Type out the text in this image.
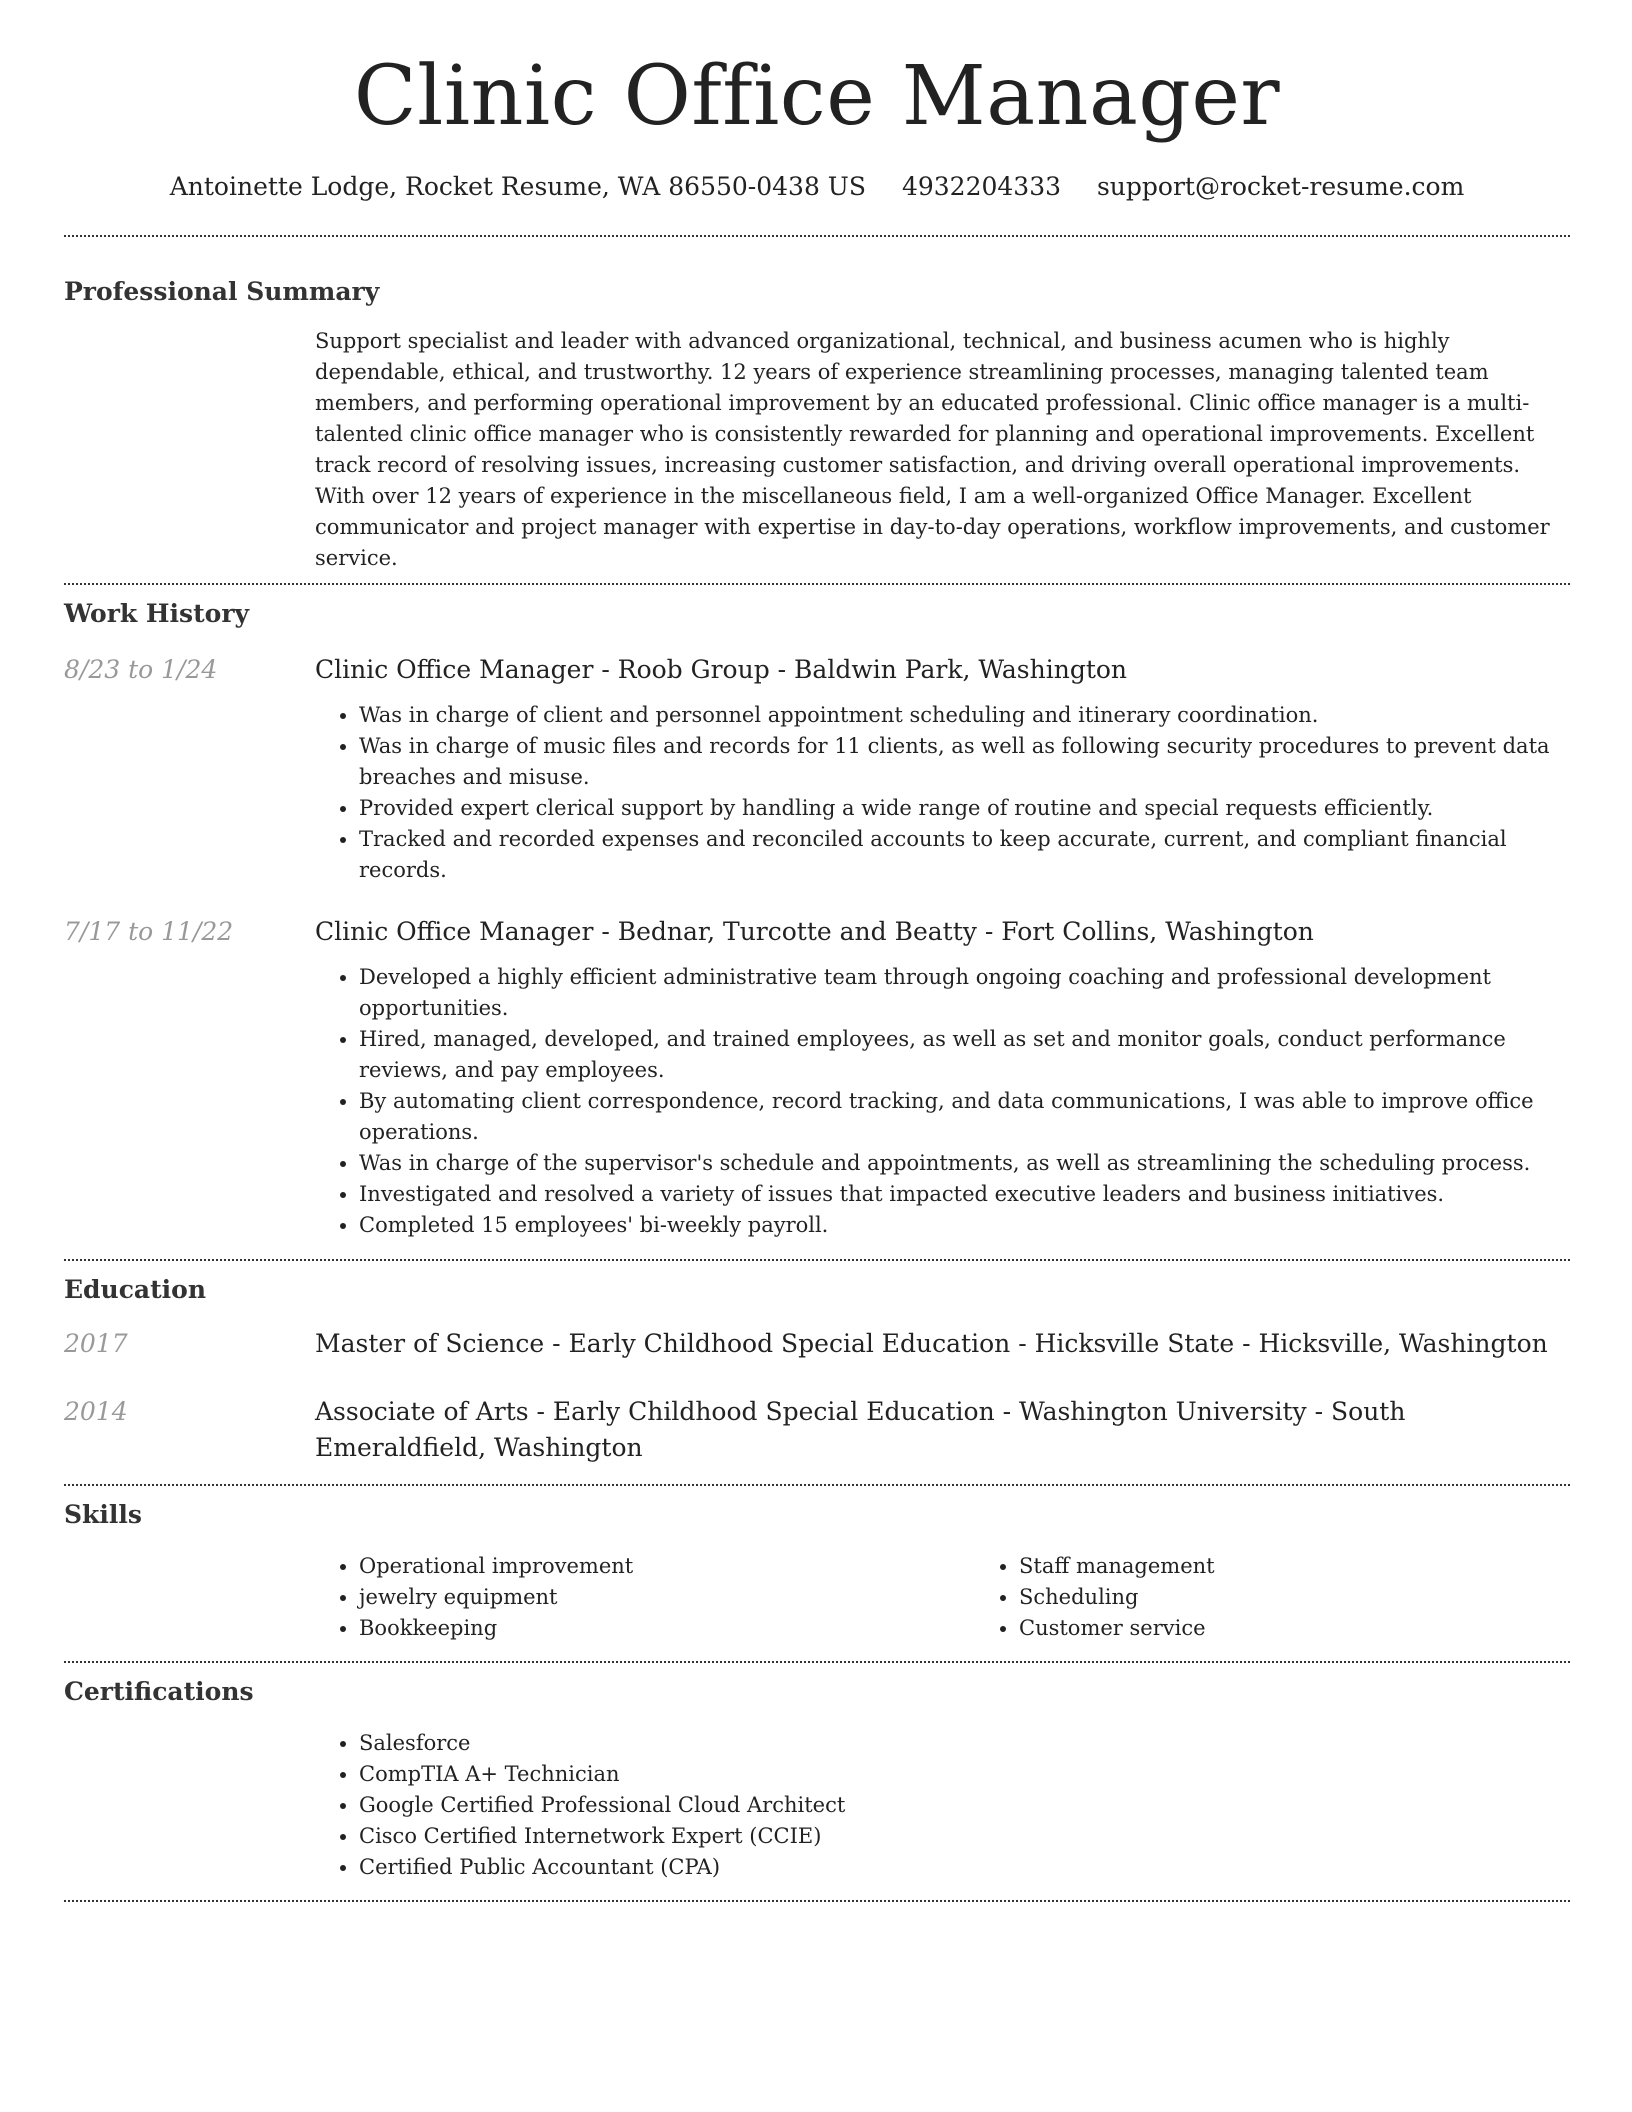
Clinic Office Manager
Antoinette Lodge, Rocket Resume, WA 86550-0438 US 4932204333 support@rocket-resume.com
Professional Summary

Support specialist and leader with advanced organizational, technical, and business acumen who is highly dependable, ethical, and trustworthy. 12 years of experience streamlining processes, managing talented team members, and performing operational improvement by an educated professional. Clinic office manager is a multi-talented clinic office manager who is consistently rewarded for planning and operational improvements. Excellent track record of resolving issues, increasing customer satisfaction, and driving overall operational improvements. With over 12 years of experience in the miscellaneous field, I am a well-organized Office Manager. Excellent communicator and project manager with expertise in day-to-day operations, workflow improvements, and customer service.

Work History
8/23 to 1/24	Clinic Office Manager - Roob Group - Baldwin Park, Washington
• Was in charge of client and personnel appointment scheduling and itinerary coordination.
• Was in charge of music files and records for 11 clients, as well as following security procedures to prevent data breaches and misuse.
• Provided expert clerical support by handling a wide range of routine and special requests efficiently.
• Tracked and recorded expenses and reconciled accounts to keep accurate, current, and compliant financial records.
7/17 to 11/22	Clinic Office Manager - Bednar, Turcotte and Beatty - Fort Collins, Washington
• Developed a highly efficient administrative team through ongoing coaching and professional development opportunities.
• Hired, managed, developed, and trained employees, as well as set and monitor goals, conduct performance reviews, and pay employees.
• By automating client correspondence, record tracking, and data communications, I was able to improve office operations.
• Was in charge of the supervisor's schedule and appointments, as well as streamlining the scheduling process.
• Investigated and resolved a variety of issues that impacted executive leaders and business initiatives.
• Completed 15 employees' bi-weekly payroll.
Education
2017	Master of Science - Early Childhood Special Education - Hicksville State - Hicksville, Washington
2014	Associate of Arts - Early Childhood Special Education - Washington University - South Emeraldfield, Washington
Skills
• Operational improvement
• jewelry equipment
• Bookkeeping
• Staff management
• Scheduling
• Customer service
Certifications
• Salesforce
• CompTIA A+ Technician
• Google Certified Professional Cloud Architect
• Cisco Certified Internetwork Expert (CCIE)
• Certified Public Accountant (CPA)
